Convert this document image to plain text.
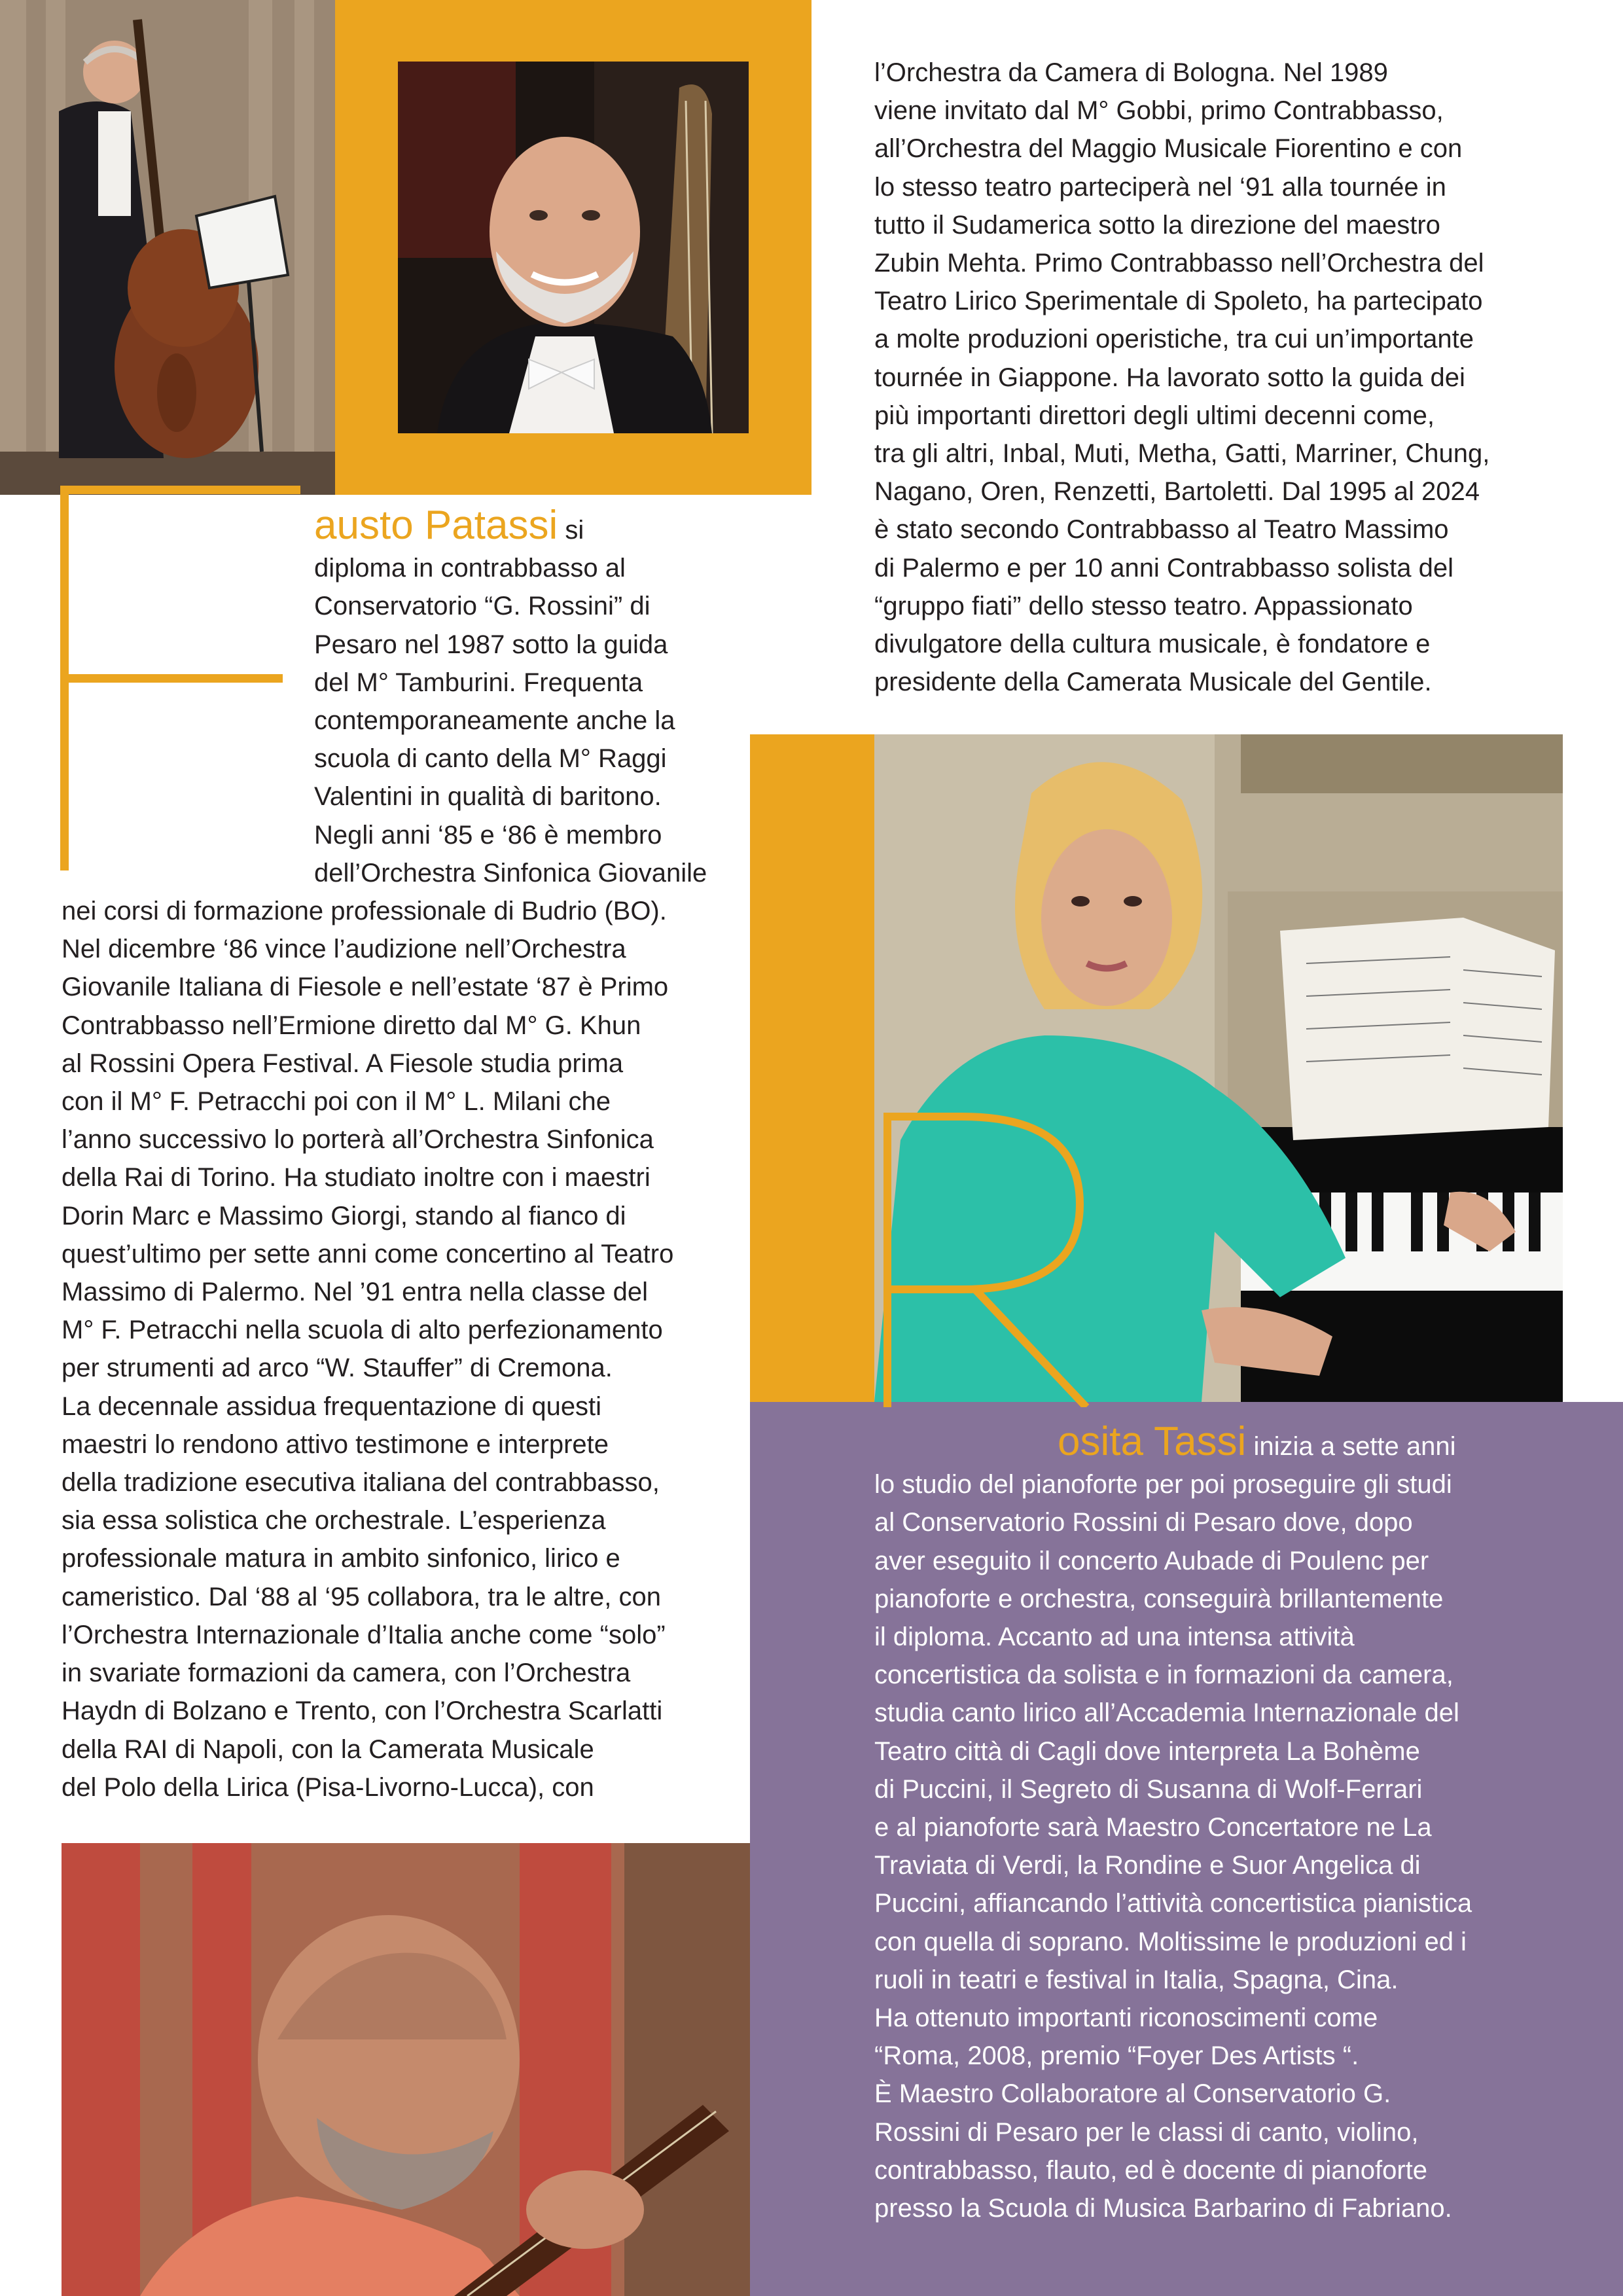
austo Patassi si
diploma in contrabbasso al
Conservatorio “G. Rossini” di
Pesaro nel 1987 sotto la guida
del M° Tamburini. Frequenta
contemporaneamente anche la
scuola di canto della M° Raggi
Valentini in qualità di baritono.
Negli anni ‘85 e ‘86 è membro
dell’Orchestra Sinfonica Giovanile
nei corsi di formazione professionale di Budrio (BO).
Nel dicembre ‘86 vince l’audizione nell’Orchestra
Giovanile Italiana di Fiesole e nell’estate ‘87 è Primo
Contrabbasso nell’Ermione diretto dal M° G. Khun
al Rossini Opera Festival. A Fiesole studia prima
con il M° F. Petracchi poi con il M° L. Milani che
l’anno successivo lo porterà all’Orchestra Sinfonica
della Rai di Torino. Ha studiato inoltre con i maestri
Dorin Marc e Massimo Giorgi, stando al fianco di
quest’ultimo per sette anni come concertino al Teatro
Massimo di Palermo. Nel ’91 entra nella classe del
M° F. Petracchi nella scuola di alto perfezionamento
per strumenti ad arco “W. Stauffer” di Cremona.
La decennale assidua frequentazione di questi
maestri lo rendono attivo testimone e interprete
della tradizione esecutiva italiana del contrabbasso,
sia essa solistica che orchestrale. L’esperienza
professionale matura in ambito sinfonico, lirico e
cameristico. Dal ‘88 al ‘95 collabora, tra le altre, con
l’Orchestra Internazionale d’Italia anche come “solo”
in svariate formazioni da camera, con l’Orchestra
Haydn di Bolzano e Trento, con l’Orchestra Scarlatti
della RAI di Napoli, con la Camerata Musicale
del Polo della Lirica (Pisa-Livorno-Lucca), con
l’Orchestra da Camera di Bologna. Nel 1989
viene invitato dal M° Gobbi, primo Contrabbasso,
all’Orchestra del Maggio Musicale Fiorentino e con
lo stesso teatro parteciperà nel ‘91 alla tournée in
tutto il Sudamerica sotto la direzione del maestro
Zubin Mehta. Primo Contrabbasso nell’Orchestra del
Teatro Lirico Sperimentale di Spoleto, ha partecipato
a molte produzioni operistiche, tra cui un’importante
tournée in Giappone. Ha lavorato sotto la guida dei
più importanti direttori degli ultimi decenni come,
tra gli altri, Inbal, Muti, Metha, Gatti, Marriner, Chung,
Nagano, Oren, Renzetti, Bartoletti. Dal 1995 al 2024
è stato secondo Contrabbasso al Teatro Massimo
di Palermo e per 10 anni Contrabbasso solista del
“gruppo fiati” dello stesso teatro. Appassionato
divulgatore della cultura musicale, è fondatore e
presidente della Camerata Musicale del Gentile.
osita Tassi inizia a sette anni
lo studio del pianoforte per poi proseguire gli studi
al Conservatorio Rossini di Pesaro dove, dopo
aver eseguito il concerto Aubade di Poulenc per
pianoforte e orchestra, conseguirà brillantemente
il diploma. Accanto ad una intensa attività
concertistica da solista e in formazioni da camera,
studia canto lirico all’Accademia Internazionale del
Teatro città di Cagli dove interpreta La Bohème
di Puccini, il Segreto di Susanna di Wolf-Ferrari
e al pianoforte sarà Maestro Concertatore ne La
Traviata di Verdi, la Rondine e Suor Angelica di
Puccini, affiancando l’attività concertistica pianistica
con quella di soprano. Moltissime le produzioni ed i
ruoli in teatri e festival in Italia, Spagna, Cina.
Ha ottenuto importanti riconoscimenti come
“Roma, 2008, premio “Foyer Des Artists “.
È Maestro Collaboratore al Conservatorio G.
Rossini di Pesaro per le classi di canto, violino,
contrabbasso, flauto, ed è docente di pianoforte
presso la Scuola di Musica Barbarino di Fabriano.
